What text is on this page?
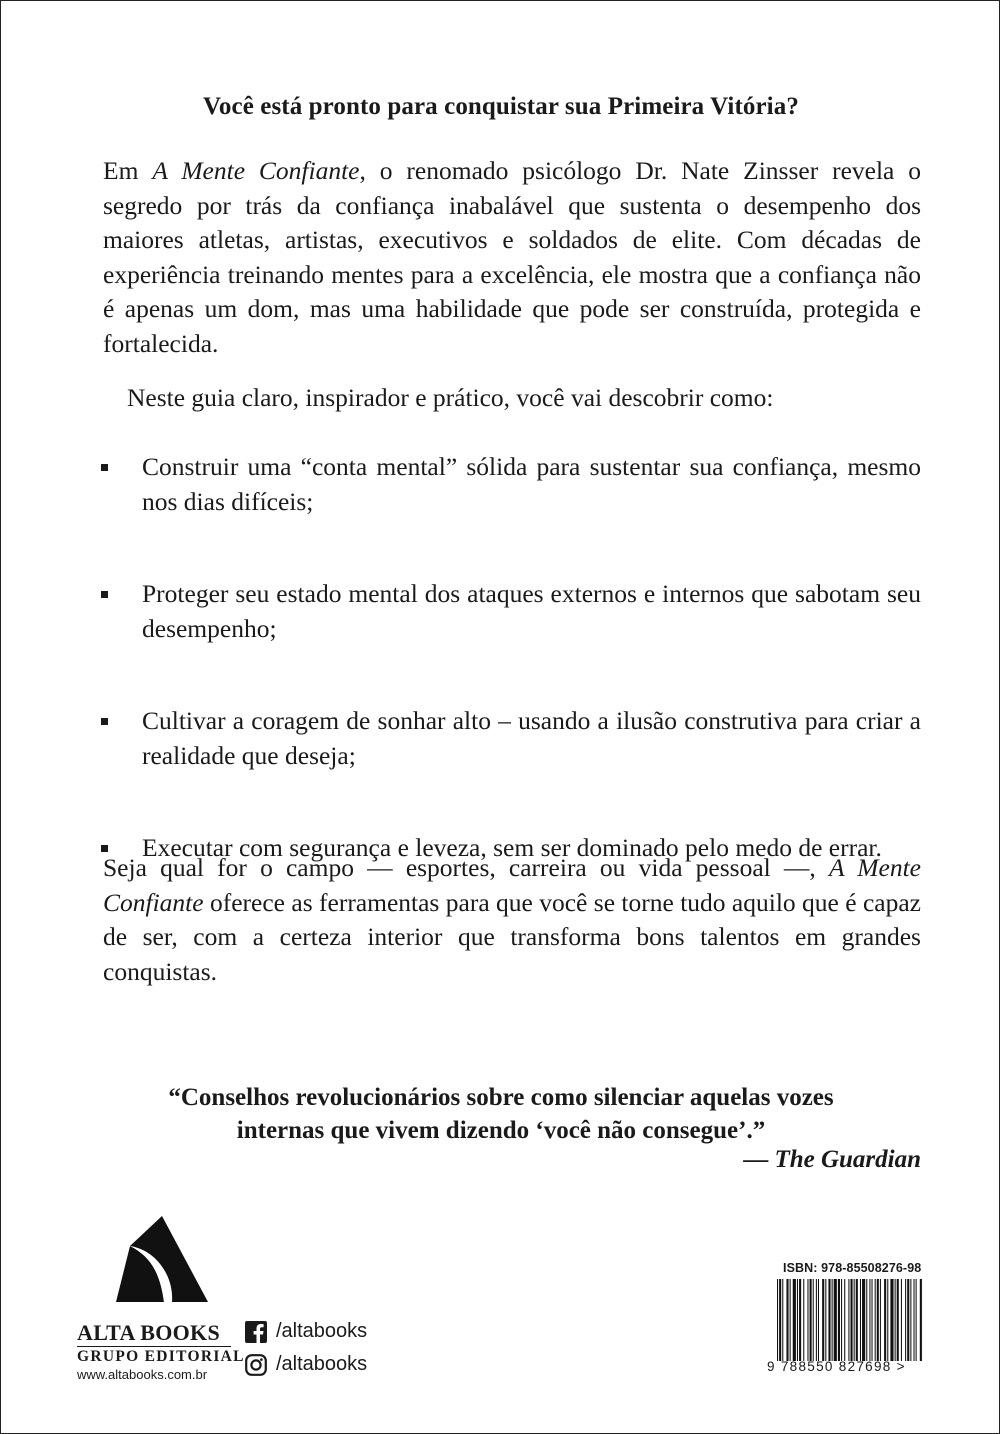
Você está pronto para conquistar sua Primeira Vitória?

Em A Mente Confiante, o renomado psicólogo Dr. Nate Zinsser revela o segredo por trás da confiança inabalável que sustenta o desempenho dos maiores atletas, artistas, executivos e soldados de elite. Com décadas de experiência treinando mentes para a excelência, ele mostra que a confiança não é apenas um dom, mas uma habilidade que pode ser construída, protegida e fortalecida.

Neste guia claro, inspirador e prático, você vai descobrir como:
Construir uma “conta mental” sólida para sustentar sua confiança, mesmo nos dias difíceis;
Proteger seu estado mental dos ataques externos e internos que sabotam seu desempenho;
Cultivar a coragem de sonhar alto – usando a ilusão construtiva para criar a realidade que deseja;
Executar com segurança e leveza, sem ser dominado pelo medo de errar.

Seja qual for o campo — esportes, carreira ou vida pessoal —, A Mente Confiante oferece as ferramentas para que você se torne tudo aquilo que é capaz de ser, com a certeza interior que transforma bons talentos em grandes conquistas.

“Conselhos revolucionários sobre como silenciar aquelas vozes
internas que vivem dizendo ‘você não consegue’.”
— The Guardian
ALTA BOOKS
GRUPO EDITORIAL
www.altabooks.com.br
/altabooks
/altabooks
ISBN: 978-85508276-98
9 788550 827698 >
